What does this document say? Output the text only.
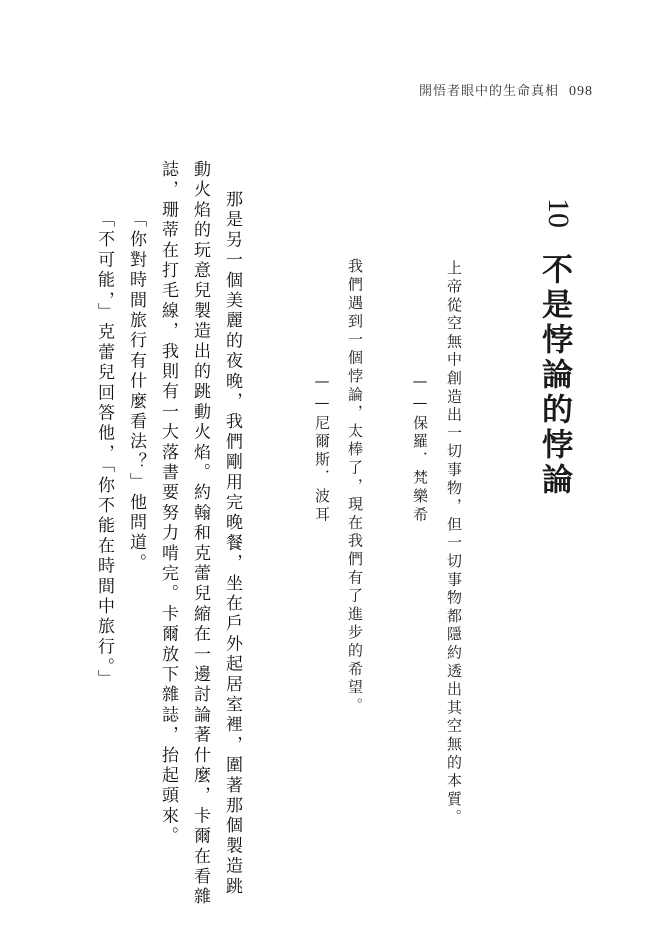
開悟者眼中的生命真相 098
10
不是悖論的悖論
上帝從空無中創造出一切事物，但一切事物都隱約透出其空無的本質。
——保羅．梵樂希
我們遇到一個悖論，太棒了，現在我們有了進步的希望。
——尼爾斯．波耳
那是另一個美麗的夜晚，我們剛用完晚餐，坐在戶外起居室裡，圍著那個製造跳
動火焰的玩意兒製造出的跳動火焰。約翰和克蕾兒縮在一邊討論著什麼，卡爾在看雜
誌，珊蒂在打毛線，我則有一大落書要努力啃完。卡爾放下雜誌，抬起頭來。
「你對時間旅行有什麼看法？」他問道。
「不可能，」克蕾兒回答他，「你不能在時間中旅行。」
